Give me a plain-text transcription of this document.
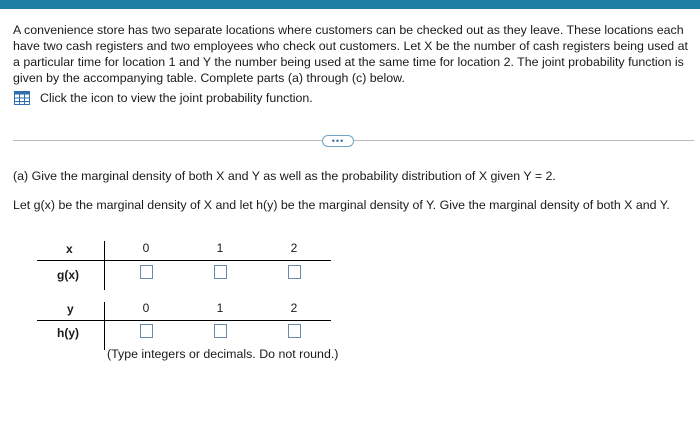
A convenience store has two separate locations where customers can be checked out as they leave. These locations each have two cash registers and two employees who check out customers. Let X be the number of cash registers being used at a particular time for location 1 and Y the number being used at the same time for location 2. The joint probability function is given by the accompanying table. Complete parts (a) through (c) below.

Click the icon to view the joint probability function.
•••

(a) Give the marginal density of both X and Y as well as the probability distribution of X given Y = 2.

Let g(x) be the marginal density of X and let h(y) be the marginal density of Y. Give the marginal density of both X and Y.

x	0	1	2
g(x)
y	0	1	2
h(y)
(Type integers or decimals. Do not round.)
